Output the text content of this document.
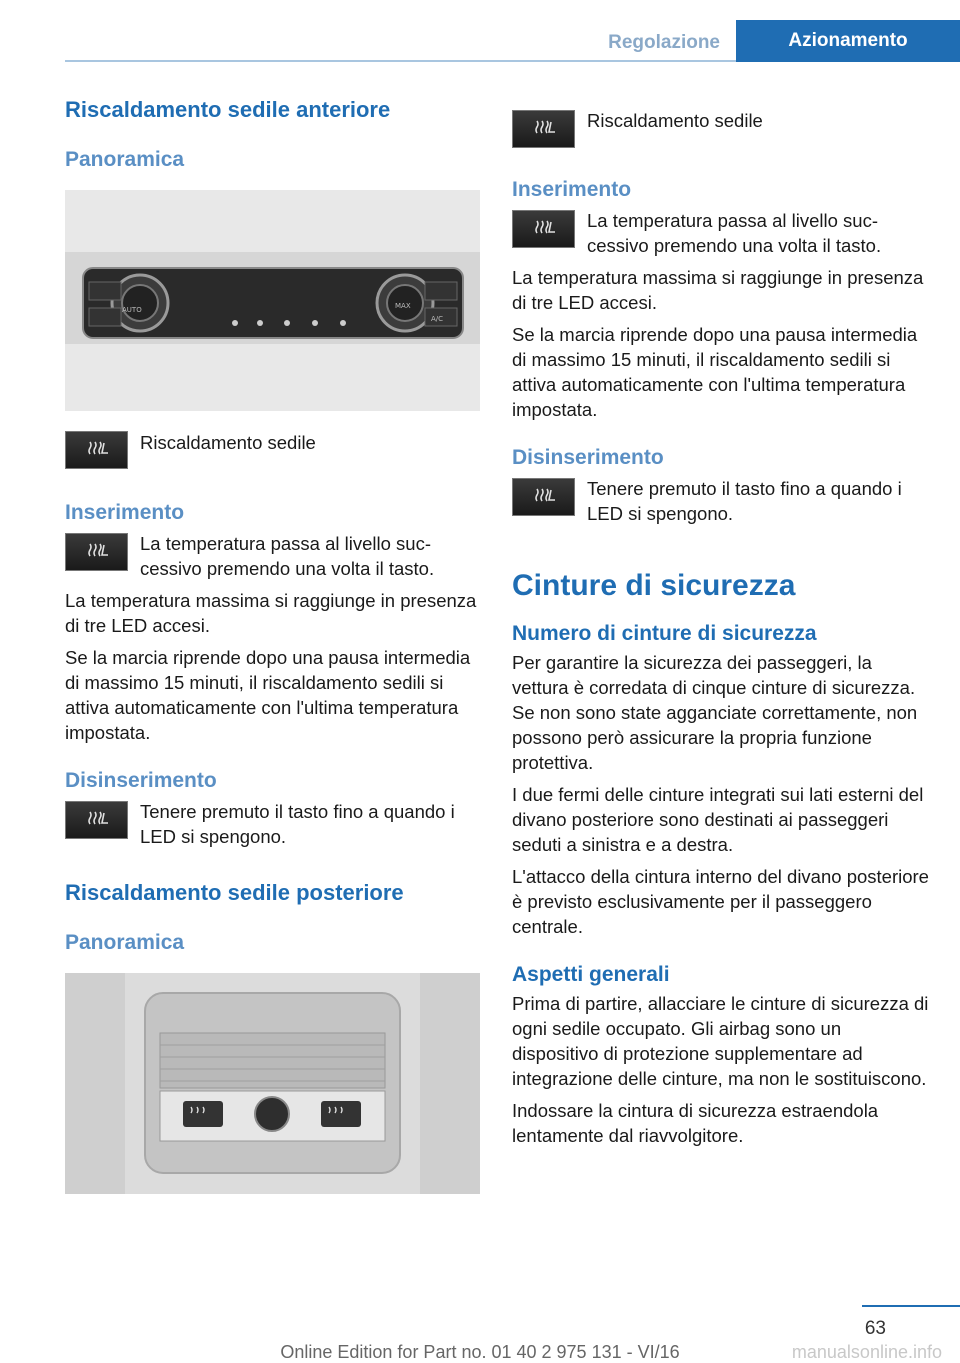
Regolazione	Azionamento
Riscaldamento sedile anteriore
Panoramica
AUTO	MAX
A/C

Riscaldamento sedile

Inserimento

La temperatura passa al livello successivo premendo una volta il tasto.

La temperatura massima si raggiunge in presenza di tre LED accesi.

Se la marcia riprende dopo una pausa intermedia di massimo 15 minuti, il riscaldamento sedili si attiva automaticamente con l'ultima temperatura impostata.

Disinserimento

Tenere premuto il tasto fino a quando i LED si spengono.

Riscaldamento sedile posteriore
Panoramica

Riscaldamento sedile

Inserimento

La temperatura passa al livello successivo premendo una volta il tasto.

La temperatura massima si raggiunge in presenza di tre LED accesi.

Se la marcia riprende dopo una pausa intermedia di massimo 15 minuti, il riscaldamento sedili si attiva automaticamente con l'ultima temperatura impostata.

Disinserimento

Tenere premuto il tasto fino a quando i LED si spengono.

Cinture di sicurezza
Numero di cinture di sicurezza

Per garantire la sicurezza dei passeggeri, la vettura è corredata di cinque cinture di sicurezza. Se non sono state agganciate correttamente, non possono però assicurare la propria funzione protettiva.

I due fermi delle cinture integrati sui lati esterni del divano posteriore sono destinati ai passeggeri seduti a sinistra e a destra.

L'attacco della cintura interno del divano posteriore è previsto esclusivamente per il passeggero centrale.

Aspetti generali

Prima di partire, allacciare le cinture di sicurezza di ogni sedile occupato. Gli airbag sono un dispositivo di protezione supplementare ad integrazione delle cinture, ma non le sostituiscono.

Indossare la cintura di sicurezza estraendola lentamente dal riavvolgitore.

63
Online Edition for Part no. 01 40 2 975 131 - VI/16	manualsonline.info
